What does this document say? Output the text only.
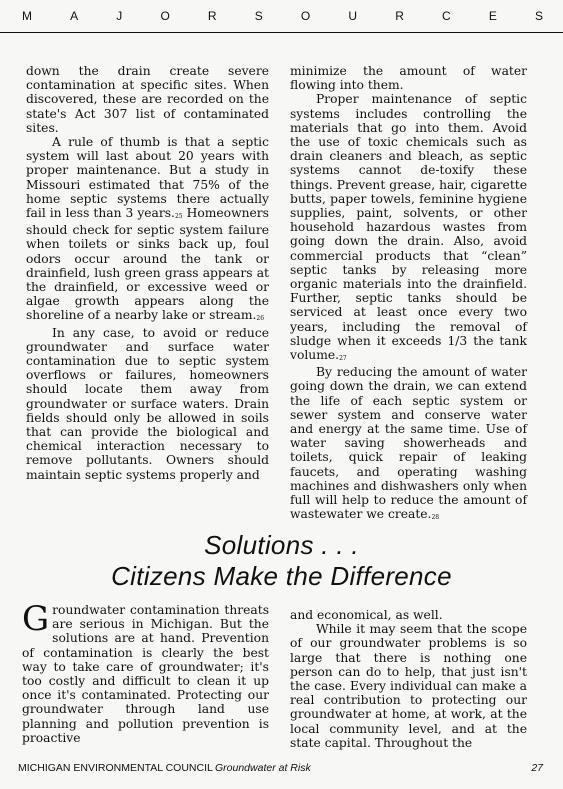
M	A	J	O	R	S	O	U	R	C	E	S

down the drain create severe contamination at specific sites. When discovered, these are recorded on the state's Act 307 list of contaminated sites.

A rule of thumb is that a septic system will last about 20 years with proper maintenance. But a study in Missouri estimated that 75% of the home septic systems there actually fail in less than 3 years.25 Homeowners should check for septic system failure when toilets or sinks back up, foul odors occur around the tank or drainfield, lush green grass appears at the drainfield, or excessive weed or algae growth appears along the shoreline of a nearby lake or stream.26

In any case, to avoid or reduce groundwater and surface water contamination due to septic system overflows or failures, homeowners should locate them away from groundwater or surface waters. Drain fields should only be allowed in soils that can provide the biological and chemical interaction necessary to remove pollutants. Owners should maintain septic systems properly and

minimize the amount of water flowing into them.

Proper maintenance of septic systems includes controlling the materials that go into them. Avoid the use of toxic chemicals such as drain cleaners and bleach, as septic systems cannot de-toxify these things. Prevent grease, hair, cigarette butts, paper towels, feminine hygiene supplies, paint, solvents, or other household hazardous wastes from going down the drain. Also, avoid commercial products that “clean” septic tanks by releasing more organic materials into the drainfield. Further, septic tanks should be serviced at least once every two years, including the removal of sludge when it exceeds 1/3 the tank volume.27

By reducing the amount of water going down the drain, we can extend the life of each septic system or sewer system and conserve water and energy at the same time. Use of water saving showerheads and toilets, quick repair of leaking faucets, and operating washing machines and dishwashers only when full will help to reduce the amount of wastewater we create.28

Solutions . . .
Citizens Make the Difference

Groundwater contamination threats are serious in Michigan. But the solutions are at hand. Prevention of contamination is clearly the best way to take care of groundwater; it's too costly and difficult to clean it up once it's contaminated. Protecting our groundwater through land use planning and pollution prevention is proactive

and economical, as well.

While it may seem that the scope of our groundwater problems is so large that there is nothing one person can do to help, that just isn't the case. Every individual can make a real contribution to protecting our groundwater at home, at work, at the local community level, and at the state capital. Throughout the

MICHIGAN ENVIRONMENTAL COUNCIL Groundwater at Risk	27
